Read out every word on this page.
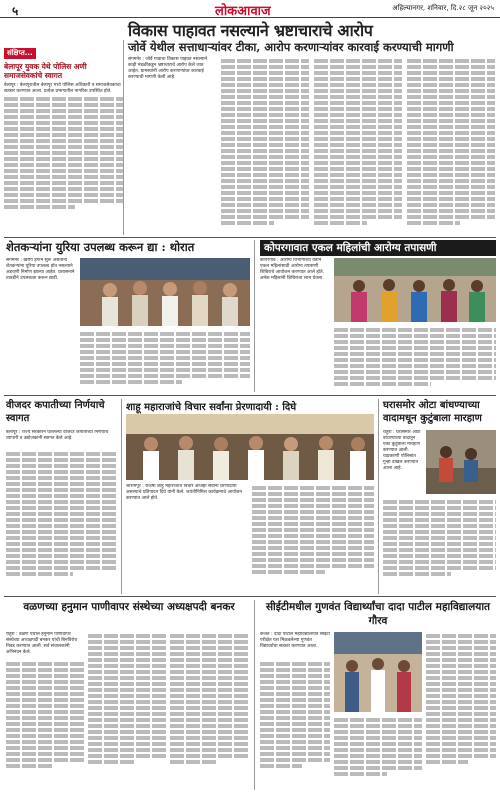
५	लोकआवाज	अहिल्यानगर, शनिवार, दि.२८ जून २०२५
संक्षिप्त...
बेलापूर युवक येथे पोलिस अणी समाजसेवकांचे स्वागत
बेलापूर : बेलापुरातील बेलापूर मध्ये पोलिस अधिकारी व समाजसेवकांचा सत्कार करण्यात आला. प्रत्येक प्रभागातील नागरिक उपस्थित होते.
विकास पाहावत नसल्याने भ्रष्टाचाराचे आरोप
जोर्वे येथील सत्ताधाऱ्यांवर टीका, आरोप करणाऱ्यांवर कारवाई करण्याची मागणी
संगमनेर : जोर्वे गावाचा विकास पाहवत नसल्याने काही मंडळींकडून भ्रष्टाचाराचे आरोप केले जात आहेत. ग्रामस्थांनी आरोप करणाऱ्यांवर कारवाई करण्याची मागणी केली आहे.
शेतकऱ्यांना युरिया उपलब्ध करून द्या : थोरात
संगमनेर : खरीप हंगाम सुरू असताना शेतकऱ्यांना युरिया उपलब्ध होत नसल्याने अडचणी निर्माण झाल्या आहेत. प्रशासनाने तातडीने उपलब्धता करून द्यावी.
कोपरगावात एकल महिलांची आरोग्य तपासणी
कोपरगाव : आरोग्य विभागाच्या वतीने एकल महिलांसाठी आरोग्य तपासणी शिबिराचे आयोजन करण्यात आले होते. अनेक महिलांनी शिबिराचा लाभ घेतला.
वीजदर कपातीच्या निर्णयाचे स्वागत
बेलापूर : राज्य सरकारने घेतलेल्या वीजदर कपातीच्या निर्णयाचे व्यापारी व उद्योजकांनी स्वागत केले आहे.
शाहू महाराजांचे विचार सर्वांना प्रेरणादायी : दिघे
श्रीरामपूर : राजर्षी शाहू महाराजांचे विचार आजही सर्वांना प्रेरणादायी असल्याचे प्रतिपादन दिघे यांनी केले. जयंतीनिमित्त कार्यक्रमाचे आयोजन करण्यात आले होते.
घरासमोर ओटा बांधण्याच्या वादामधून कुटुंबाला मारहाण
राहुरी : घरासमोर ओटा बांधण्याच्या वादातून एका कुटुंबाला मारहाण करण्यात आली. याप्रकरणी पोलिसांत गुन्हा दाखल करण्यात आला आहे.
वळणच्या हनुमान पाणीवापर संस्थेच्या अध्यक्षपदी बनकर
राहुरी : वळण येथील हनुमान पाणीवापर संस्थेच्या अध्यक्षपदी बनकर यांची बिनविरोध निवड करण्यात आली. सर्व संचालकांनी अभिनंदन केले.
सीईटीमधील गुणवंत विद्यार्थ्यांचा दादा पाटील महाविद्यालयात गौरव
कर्जत : दादा पाटील महाविद्यालयात सीईटी परीक्षेत यश मिळवलेल्या गुणवंत विद्यार्थ्यांचा सत्कार करण्यात आला.
